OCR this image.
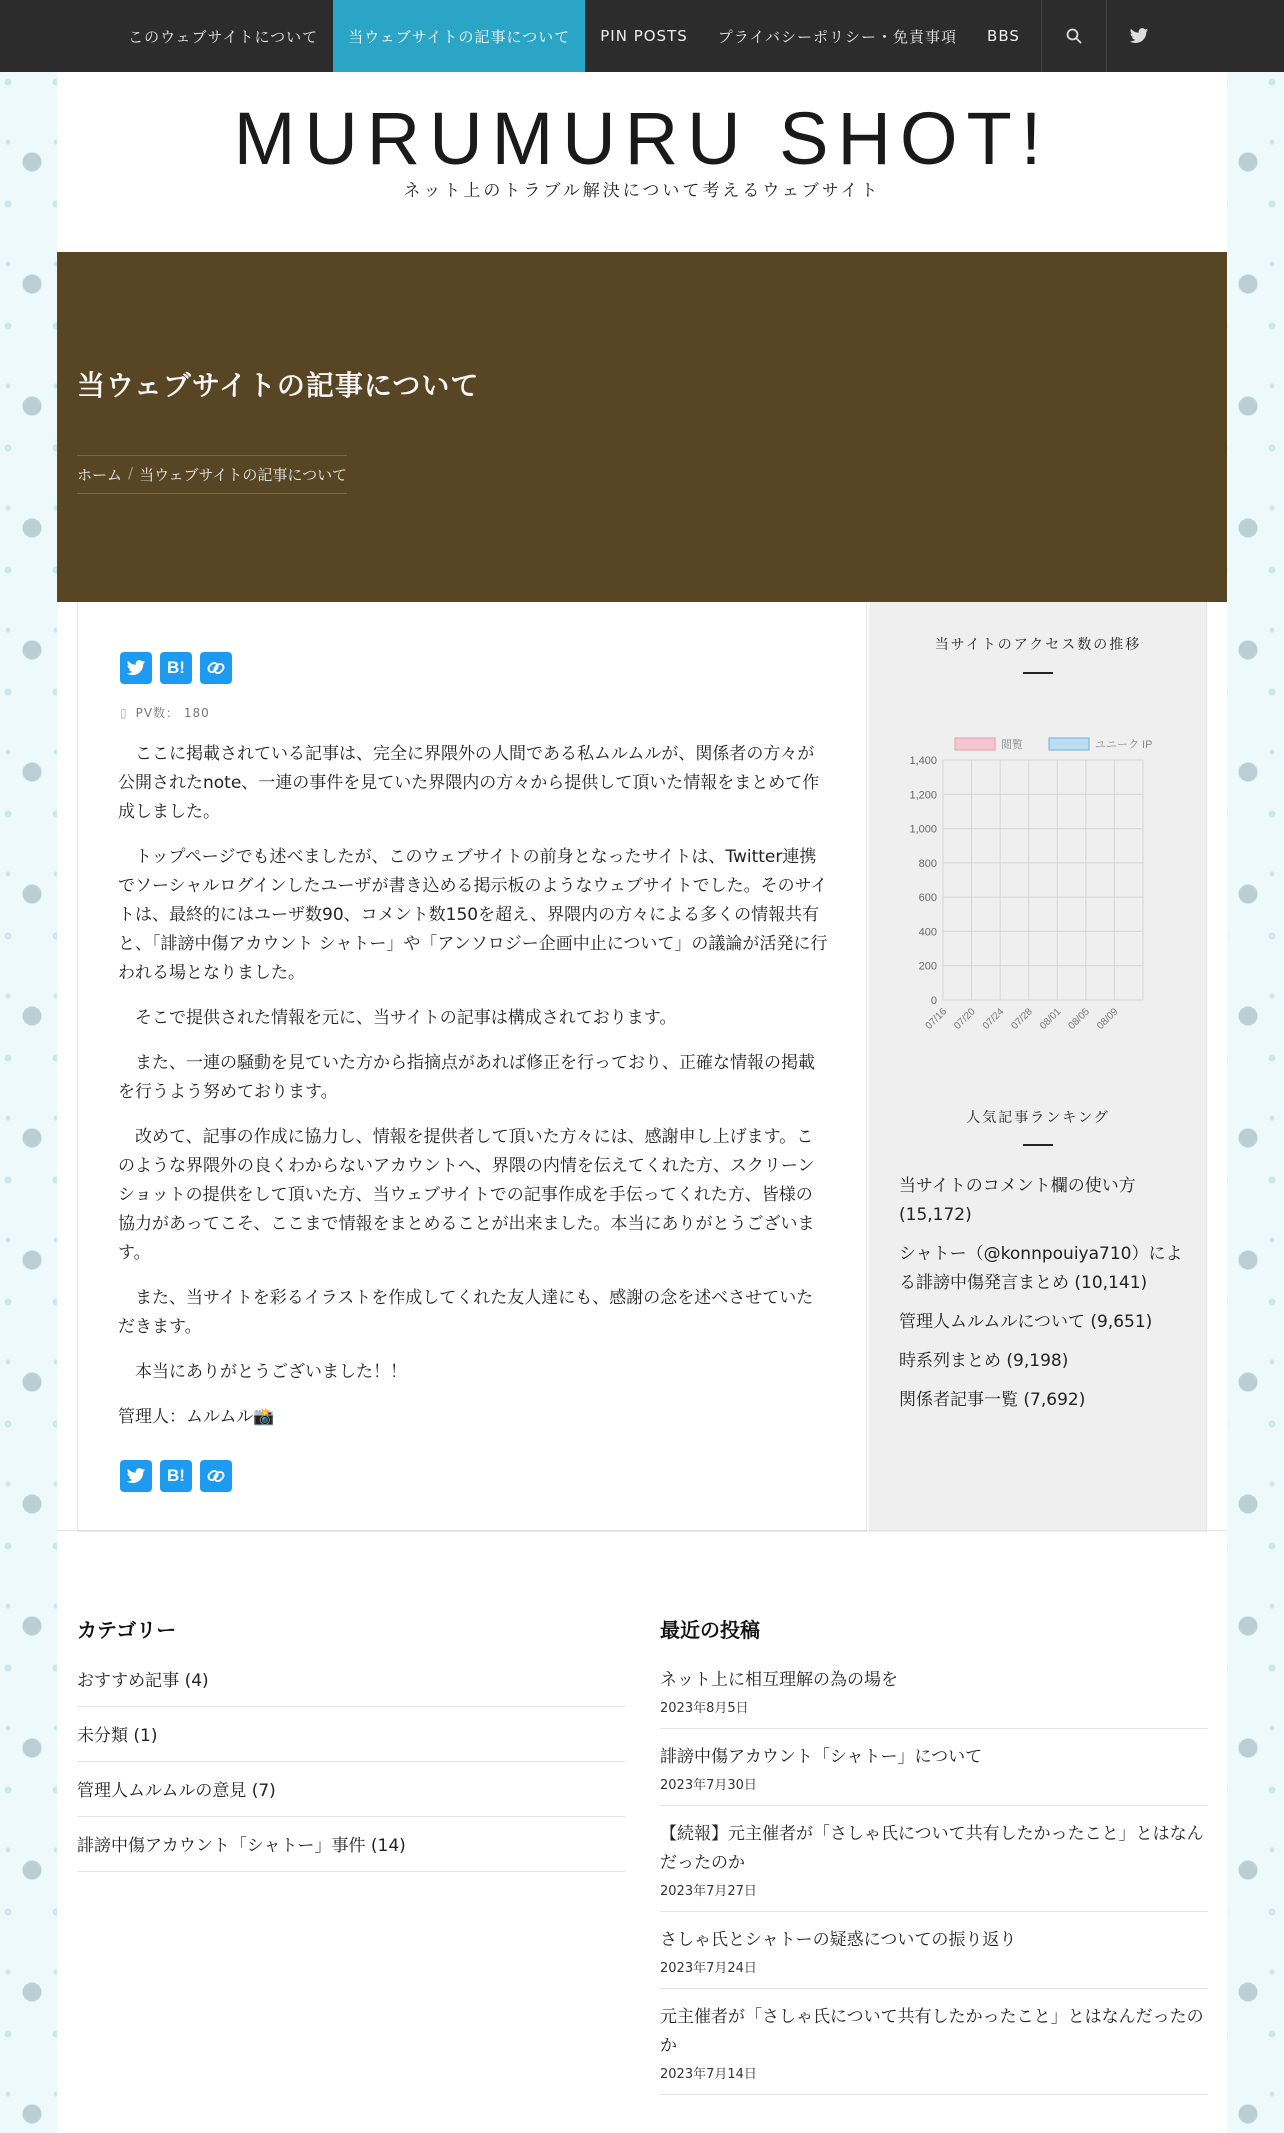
このウェブサイトについて	当ウェブサイトの記事について	PIN POSTS	プライバシーポリシー・免責事項	BBS
MURUMURU SHOT!
ネット上のトラブル解決について考えるウェブサイト
当ウェブサイトの記事について
ホーム / 当ウェブサイトの記事について
B!
▯ PV数： 180

ここに掲載されている記事は、完全に界隈外の人間である私ムルムルが、関係者の方々が公開されたnote、一連の事件を見ていた界隈内の方々から提供して頂いた情報をまとめて作成しました。

トップページでも述べましたが、このウェブサイトの前身となったサイトは、Twitter連携でソーシャルログインしたユーザが書き込める掲示板のようなウェブサイトでした。そのサイトは、最終的にはユーザ数90、コメント数150を超え、界隈内の方々による多くの情報共有と、「誹謗中傷アカウント シャトー」や「アンソロジー企画中止について」の議論が活発に行われる場となりました。

そこで提供された情報を元に、当サイトの記事は構成されております。

また、一連の騒動を見ていた方から指摘点があれば修正を行っており、正確な情報の掲載を行うよう努めております。

改めて、記事の作成に協力し、情報を提供者して頂いた方々には、感謝申し上げます。このような界隈外の良くわからないアカウントへ、界隈の内情を伝えてくれた方、スクリーンショットの提供をして頂いた方、当ウェブサイトでの記事作成を手伝ってくれた方、皆様の協力があってこそ、ここまで情報をまとめることが出来ました。本当にありがとうございます。

また、当サイトを彩るイラストを作成してくれた友人達にも、感謝の念を述べさせていただきます。

本当にありがとうございました！！

管理人：ムルムル📸

B!
当サイトのアクセス数の推移
0
200
400
600
800
1,000
1,200
1,400
07/16 07/20 07/24 07/28 08/01 08/05 08/09
閲覧	ユニーク IP
人気記事ランキング
当サイトのコメント欄の使い方 (15,172)
シャトー（@konnpouiya710）による誹謗中傷発言まとめ (10,141)
管理人ムルムルについて (9,651)
時系列まとめ (9,198)
関係者記事一覧 (7,692)
カテゴリー
おすすめ記事 (4)
未分類 (1)
管理人ムルムルの意見 (7)
誹謗中傷アカウント「シャトー」事件 (14)
最近の投稿
ネット上に相互理解の為の場を
2023年8月5日
誹謗中傷アカウント「シャトー」について
2023年7月30日
【続報】元主催者が「さしゃ氏について共有したかったこと」とはなんだったのか
2023年7月27日
さしゃ氏とシャトーの疑惑についての振り返り
2023年7月24日
元主催者が「さしゃ氏について共有したかったこと」とはなんだったのか
2023年7月14日
